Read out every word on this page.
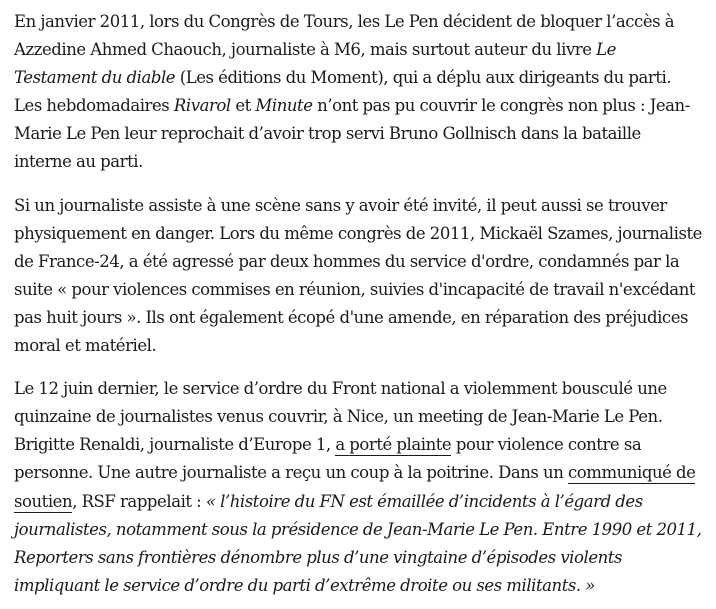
En janvier 2011, lors du Congrès de Tours, les Le Pen décident de bloquer l’accès à Azzedine Ahmed Chaouch, journaliste à M6, mais surtout auteur du livre Le Testament du diable (Les éditions du Moment), qui a déplu aux dirigeants du parti. Les hebdomadaires Rivarol et Minute n’ont pas pu couvrir le congrès non plus : Jean-Marie Le Pen leur reprochait d’avoir trop servi Bruno Gollnisch dans la bataille interne au parti.

Si un journaliste assiste à une scène sans y avoir été invité, il peut aussi se trouver physiquement en danger. Lors du même congrès de 2011, Mickaël Szames, journaliste de France-24, a été agressé par deux hommes du service d'ordre, condamnés par la suite « pour violences commises en réunion, suivies d'incapacité de travail n'excédant pas huit jours ». Ils ont également écopé d'une amende, en réparation des préjudices moral et matériel.

Le 12 juin dernier, le service d’ordre du Front national a violemment bousculé une quinzaine de journalistes venus couvrir, à Nice, un meeting de Jean-Marie Le Pen. Brigitte Renaldi, journaliste d’Europe 1, a porté plainte pour violence contre sa personne. Une autre journaliste a reçu un coup à la poitrine. Dans un communiqué de soutien, RSF rappelait : « l’histoire du FN est émaillée d’incidents à l’égard des journalistes, notamment sous la présidence de Jean-Marie Le Pen. Entre 1990 et 2011, Reporters sans frontières dénombre plus d’une vingtaine d’épisodes violents impliquant le service d’ordre du parti d’extrême droite ou ses militants. »
